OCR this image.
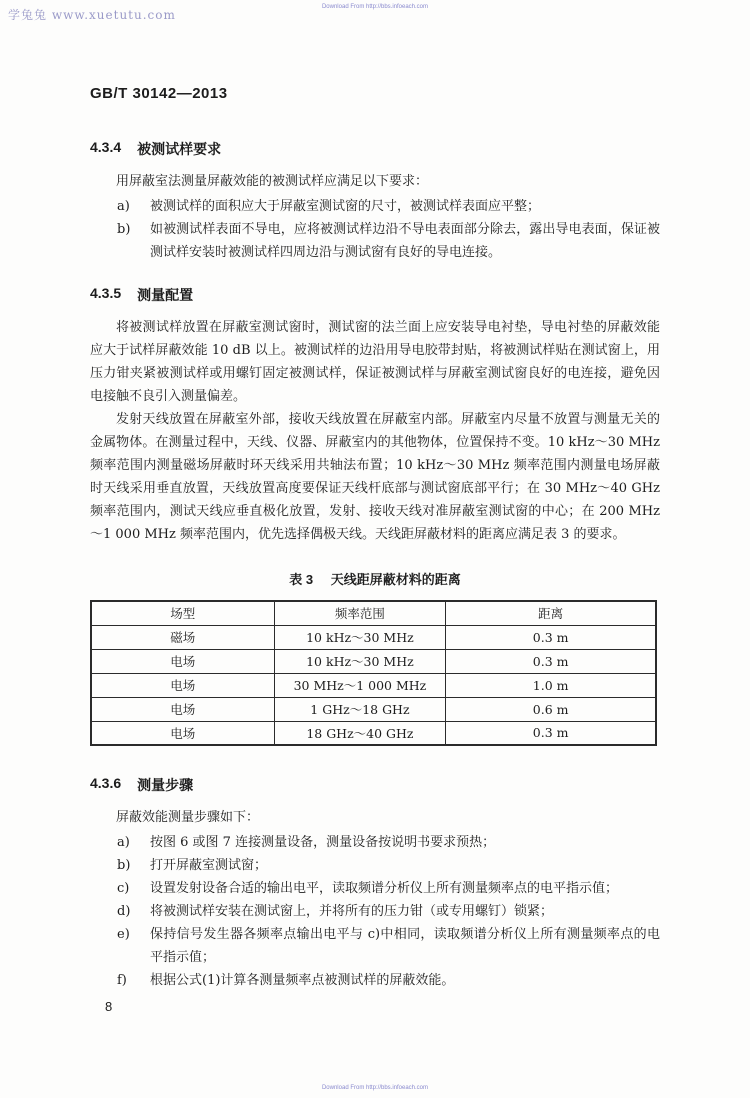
学兔兔 www.xuetutu.com
Download From http://bbs.infoeach.com
GB/T 30142—2013
4.3.4 被测试样要求
用屏蔽室法测量屏蔽效能的被测试样应满足以下要求：
a)	被测试样的面积应大于屏蔽室测试窗的尺寸，被测试样表面应平整；
b)	如被测试样表面不导电，应将被测试样边沿不导电表面部分除去，露出导电表面，保证被测试样安装时被测试样四周边沿与测试窗有良好的导电连接。
4.3.5 测量配置

将被测试样放置在屏蔽室测试窗时，测试窗的法兰面上应安装导电衬垫，导电衬垫的屏蔽效能应大于试样屏蔽效能 10 dB 以上。被测试样的边沿用导电胶带封贴，将被测试样贴在测试窗上，用压力钳夹紧被测试样或用螺钉固定被测试样，保证被测试样与屏蔽室测试窗良好的电连接，避免因电接触不良引入测量偏差。

发射天线放置在屏蔽室外部，接收天线放置在屏蔽室内部。屏蔽室内尽量不放置与测量无关的金属物体。在测量过程中，天线、仪器、屏蔽室内的其他物体，位置保持不变。10 kHz～30 MHz 频率范围内测量磁场屏蔽时环天线采用共轴法布置；10 kHz～30 MHz 频率范围内测量电场屏蔽时天线采用垂直放置，天线放置高度要保证天线杆底部与测试窗底部平行；在 30 MHz～40 GHz 频率范围内，测试天线应垂直极化放置，发射、接收天线对准屏蔽室测试窗的中心；在 200 MHz～1 000 MHz 频率范围内，优先选择偶极天线。天线距屏蔽材料的距离应满足表 3 的要求。

表 3 天线距屏蔽材料的距离
场型	频率范围	距离
磁场	10 kHz～30 MHz	0.3 m
电场	10 kHz～30 MHz	0.3 m
电场	30 MHz～1 000 MHz	1.0 m
电场	1 GHz～18 GHz	0.6 m
电场	18 GHz～40 GHz	0.3 m
4.3.6 测量步骤
屏蔽效能测量步骤如下：
a)	按图 6 或图 7 连接测量设备，测量设备按说明书要求预热；
b)	打开屏蔽室测试窗；
c)	设置发射设备合适的输出电平，读取频谱分析仪上所有测量频率点的电平指示值；
d)	将被测试样安装在测试窗上，并将所有的压力钳（或专用螺钉）锁紧；
e)	保持信号发生器各频率点输出电平与 c)中相同，读取频谱分析仪上所有测量频率点的电平指示值；
f)	根据公式(1)计算各测量频率点被测试样的屏蔽效能。
8
Download From http://bbs.infoeach.com
